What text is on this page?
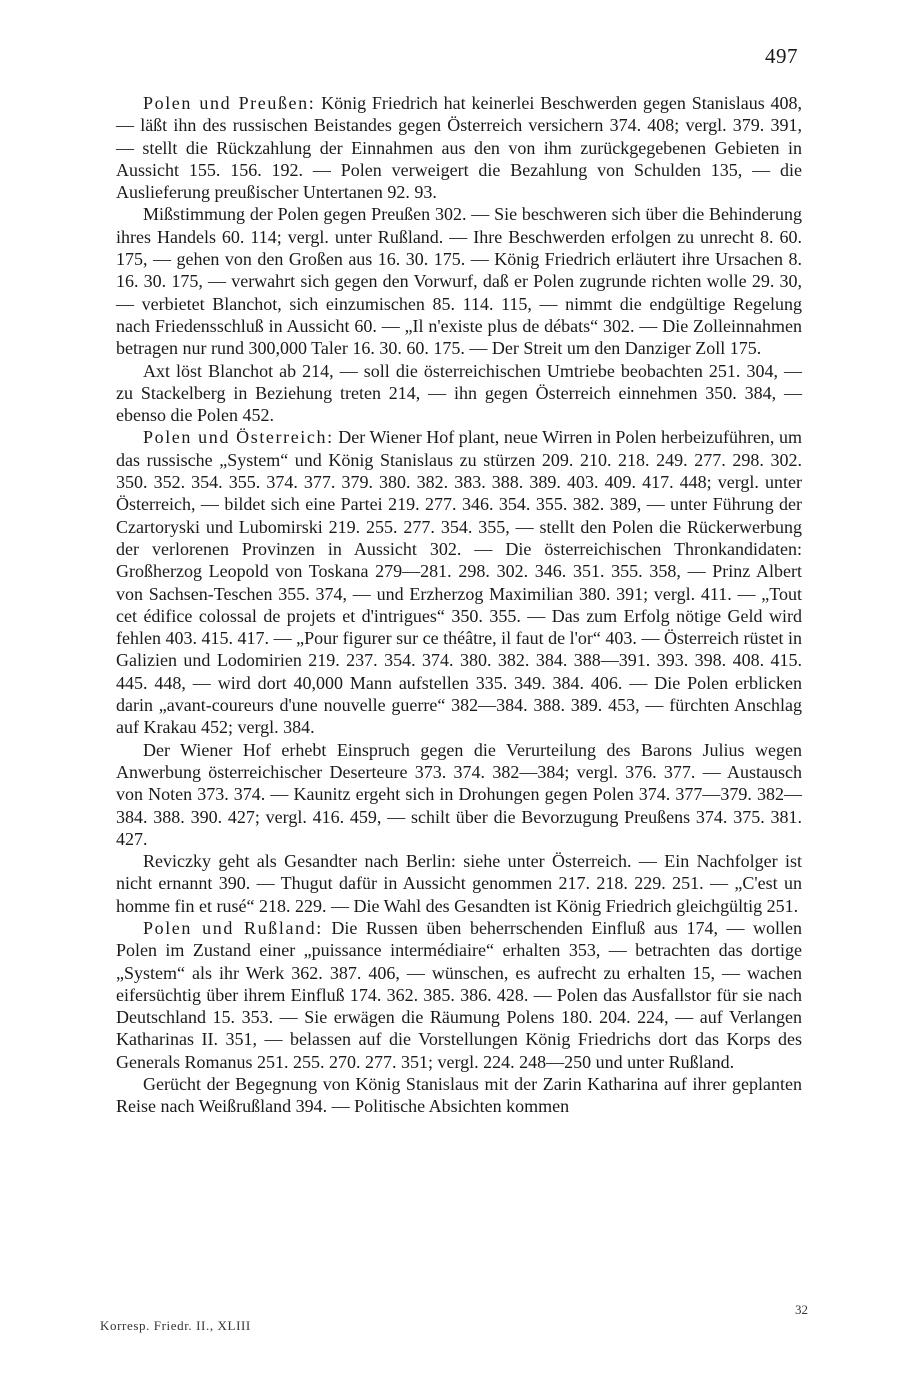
497

Polen und Preußen: König Friedrich hat keinerlei Beschwerden gegen Stanislaus 408, — läßt ihn des russischen Beistandes gegen Österreich versichern 374. 408; vergl. 379. 391, — stellt die Rückzahlung der Einnahmen aus den von ihm zurückgegebenen Gebieten in Aussicht 155. 156. 192. — Polen verweigert die Bezahlung von Schulden 135, — die Auslieferung preußischer Untertanen 92. 93.

Mißstimmung der Polen gegen Preußen 302. — Sie beschweren sich über die Behinderung ihres Handels 60. 114; vergl. unter Rußland. — Ihre Beschwerden erfolgen zu unrecht 8. 60. 175, — gehen von den Großen aus 16. 30. 175. — König Friedrich erläutert ihre Ursachen 8. 16. 30. 175, — verwahrt sich gegen den Vorwurf, daß er Polen zugrunde richten wolle 29. 30, — verbietet Blanchot, sich einzumischen 85. 114. 115, — nimmt die endgültige Regelung nach Friedensschluß in Aussicht 60. — „Il n'existe plus de débats“ 302. — Die Zolleinnahmen betragen nur rund 300,000 Taler 16. 30. 60. 175. — Der Streit um den Danziger Zoll 175.

Axt löst Blanchot ab 214, — soll die österreichischen Umtriebe beobachten 251. 304, — zu Stackelberg in Beziehung treten 214, — ihn gegen Österreich einnehmen 350. 384, — ebenso die Polen 452.

Polen und Österreich: Der Wiener Hof plant, neue Wirren in Polen herbeizuführen, um das russische „System“ und König Stanislaus zu stürzen 209. 210. 218. 249. 277. 298. 302. 350. 352. 354. 355. 374. 377. 379. 380. 382. 383. 388. 389. 403. 409. 417. 448; vergl. unter Österreich, — bildet sich eine Partei 219. 277. 346. 354. 355. 382. 389, — unter Führung der Czartoryski und Lubomirski 219. 255. 277. 354. 355, — stellt den Polen die Rückerwerbung der verlorenen Provinzen in Aussicht 302. — Die österreichischen Thronkandidaten: Großherzog Leopold von Toskana 279—281. 298. 302. 346. 351. 355. 358, — Prinz Albert von Sachsen-Teschen 355. 374, — und Erzherzog Maximilian 380. 391; vergl. 411. — „Tout cet édifice colossal de projets et d'intrigues“ 350. 355. — Das zum Erfolg nötige Geld wird fehlen 403. 415. 417. — „Pour figurer sur ce théâtre, il faut de l'or“ 403. — Österreich rüstet in Galizien und Lodomirien 219. 237. 354. 374. 380. 382. 384. 388—391. 393. 398. 408. 415. 445. 448, — wird dort 40,000 Mann aufstellen 335. 349. 384. 406. — Die Polen erblicken darin „avant-coureurs d'une nouvelle guerre“ 382—384. 388. 389. 453, — fürchten Anschlag auf Krakau 452; vergl. 384.

Der Wiener Hof erhebt Einspruch gegen die Verurteilung des Barons Julius wegen Anwerbung österreichischer Deserteure 373. 374. 382—384; vergl. 376. 377. — Austausch von Noten 373. 374. — Kaunitz ergeht sich in Drohungen gegen Polen 374. 377—379. 382—384. 388. 390. 427; vergl. 416. 459, — schilt über die Bevorzugung Preußens 374. 375. 381. 427.

Reviczky geht als Gesandter nach Berlin: siehe unter Österreich. — Ein Nachfolger ist nicht ernannt 390. — Thugut dafür in Aussicht genommen 217. 218. 229. 251. — „C'est un homme fin et rusé“ 218. 229. — Die Wahl des Gesandten ist König Friedrich gleichgültig 251.

Polen und Rußland: Die Russen üben beherrschenden Einfluß aus 174, — wollen Polen im Zustand einer „puissance intermédiaire“ erhalten 353, — betrachten das dortige „System“ als ihr Werk 362. 387. 406, — wünschen, es aufrecht zu erhalten 15, — wachen eifersüchtig über ihrem Einfluß 174. 362. 385. 386. 428. — Polen das Ausfallstor für sie nach Deutschland 15. 353. — Sie erwägen die Räumung Polens 180. 204. 224, — auf Verlangen Katharinas II. 351, — belassen auf die Vorstellungen König Friedrichs dort das Korps des Generals Romanus 251. 255. 270. 277. 351; vergl. 224. 248—250 und unter Rußland.

Gerücht der Begegnung von König Stanislaus mit der Zarin Katharina auf ihrer geplanten Reise nach Weißrußland 394. — Politische Absichten kommen

32
Korresp. Friedr. II., XLIII
